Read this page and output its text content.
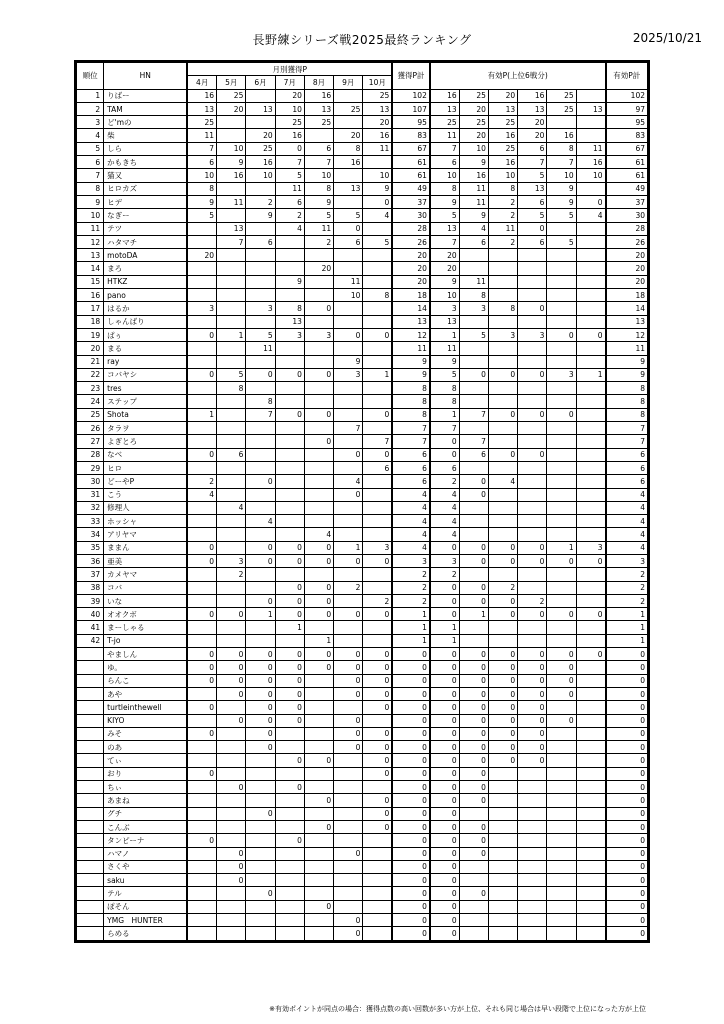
長野練シリーズ戦2025最終ランキング	2025/10/21
順位	HN	月別獲得P							獲得P計	有効P(上位6戦分)						有効P計
		4月	5月	6月	7月	8月	9月	10月								
1	りばー	16	25		20	16		25	102	16	25	20	16	25		102
2	TAM	13	20	13	10	13	25	13	107	13	20	13	13	25	13	97
3	ど'mの	25			25	25		20	95	25	25	25	20			95
4	柴	11		20	16		20	16	83	11	20	16	20	16		83
5	しら	7	10	25	0	6	8	11	67	7	10	25	6	8	11	67
6	かもきち	6	9	16	7	7	16		61	6	9	16	7	7	16	61
7	猫又	10	16	10	5	10		10	61	10	16	10	5	10	10	61
8	ヒロカズ	8			11	8	13	9	49	8	11	8	13	9		49
9	ヒデ	9	11	2	6	9		0	37	9	11	2	6	9	0	37
10	なぎー	5		9	2	5	5	4	30	5	9	2	5	5	4	30
11	テツ		13		4	11	0		28	13	4	11	0			28
12	ハタマチ		7	6		2	6	5	26	7	6	2	6	5		26
13	motoDA	20							20	20						20
14	まろ					20			20	20						20
15	HTKZ				9		11		20	9	11					20
16	pano						10	8	18	10	8					18
17	はるか	3		3	8	0			14	3	3	8	0			14
18	しゃんばり				13				13	13						13
19	ぱぅ	0	1	5	3	3	0	0	12	1	5	3	3	0	0	12
20	まる			11					11	11						11
21	ray						9		9	9						9
22	コバヤシ	0	5	0	0	0	3	1	9	5	0	0	0	3	1	9
23	tres		8						8	8						8
24	ステップ			8					8	8						8
25	Shota	1		7	0	0		0	8	1	7	0	0	0		8
26	タラヲ						7		7	7						7
27	よぎとろ					0		7	7	0	7					7
28	なべ	0	6				0	0	6	0	6	0	0			6
29	ヒロ							6	6	6						6
30	どーやP	2		0			4		6	2	0	4				6
31	こう	4					0		4	4	0					4
32	修理人		4						4	4						4
33	ホッシャ			4					4	4						4
34	アリヤマ					4			4	4						4
35	ままん	0		0	0	0	1	3	4	0	0	0	0	1	3	4
36	亜美	0	3	0	0	0	0	0	3	3	0	0	0	0	0	3
37	カメヤマ		2						2	2						2
38	コバ				0	0	2		2	0	0	2				2
39	いな			0	0	0		2	2	0	0	0	2			2
40	オオクボ	0	0	1	0	0	0	0	1	0	1	0	0	0	0	1
41	まーしゃる				1				1	1						1
42	T-jo					1			1	1						1
	やましん	0	0	0	0	0	0	0	0	0	0	0	0	0	0	0
	ゆ。	0	0	0	0	0	0	0	0	0	0	0	0	0		0
	らんこ	0	0	0	0		0	0	0	0	0	0	0	0		0
	あや		0	0	0		0	0	0	0	0	0	0	0		0
	turtleinthewell	0		0	0			0	0	0	0	0	0			0
	KIYO		0	0	0		0		0	0	0	0	0	0		0
	みそ	0		0			0	0	0	0	0	0	0			0
	のあ			0			0	0	0	0	0	0	0			0
	てぃ				0	0		0	0	0	0	0	0			0
	おり	0						0	0	0	0					0
	ちぃ		0		0				0	0	0					0
	あまね					0		0	0	0	0					0
	グチ			0				0	0	0						0
	こんぶ					0		0	0	0	0					0
	タンピーナ	0			0				0	0	0					0
	ハマノ		0				0		0	0	0					0
	さくや		0						0	0						0
	saku		0						0	0						0
	テル			0					0	0	0					0
	ぽそん					0			0	0						0
	YMG　HUNTER						0		0	0						0
	らめる						0		0	0						0
※有効ポイントが同点の場合：獲得点数の高い回数が多い方が上位、それも同じ場合は早い段階で上位になった方が上位
